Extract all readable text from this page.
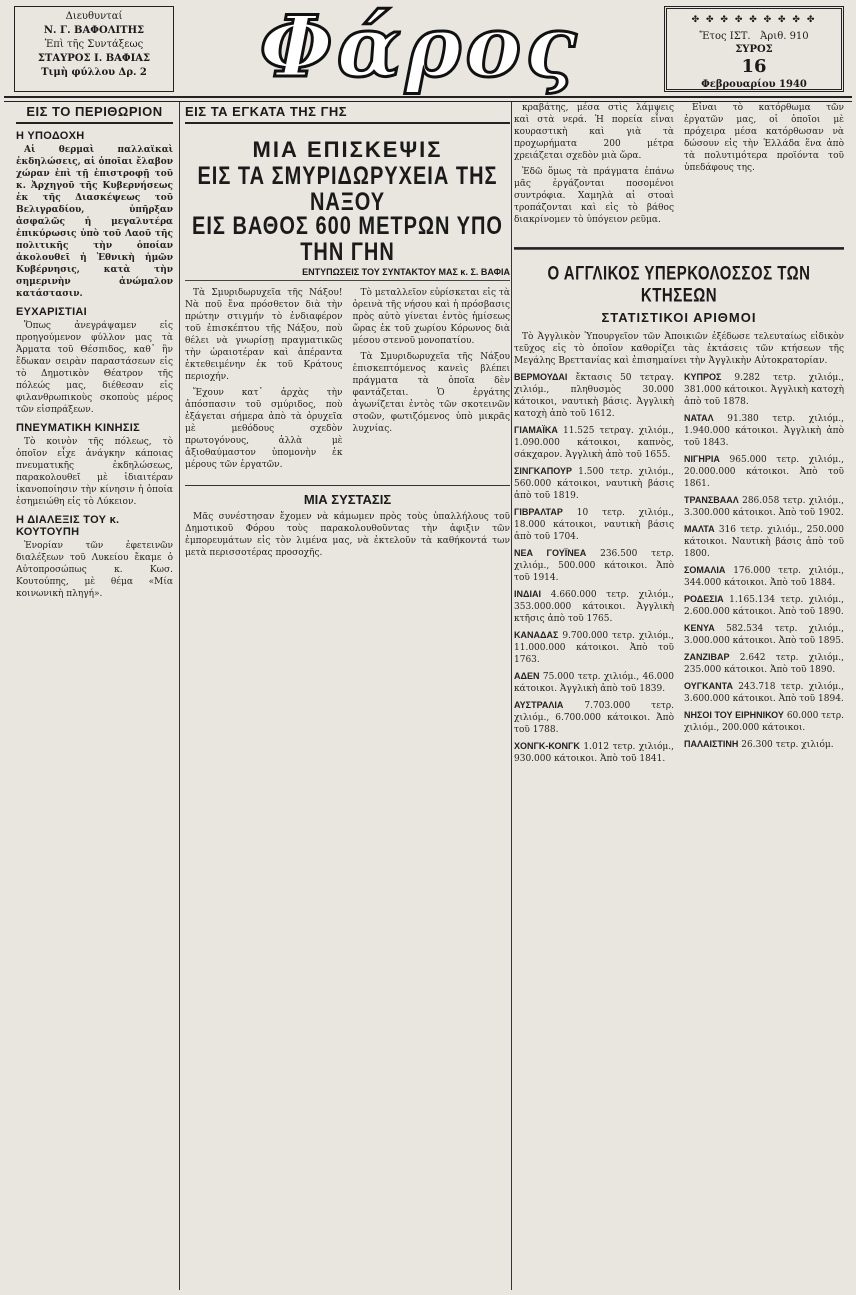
Διευθυνταί
Ν. Γ. ΒΑΦΟΛΙΤΗΣ
Ἐπὶ τῆς Συντάξεως
ΣΤΑΥΡΟΣ Ι. ΒΑΦΙΑΣ
Τιμὴ φύλλου Δρ. 2	Φάρος	✤ ✤ ✤ ✤ ✤ ✤ ✤ ✤ ✤
Ἔτος ΙΣΤ. Ἀριθ. 910
ΣΥΡΟΣ
16
Φεβρουαρίου 1940
ΕΙΣ ΤΟ ΠΕΡΙΘΩΡΙΟΝ
Η ΥΠΟΔΟΧΗ

Αἱ θερμαὶ παλλαϊκαὶ ἐκδηλώσεις, αἱ ὁποῖαι ἔλαβον χώραν ἐπὶ τῇ ἐπιστροφῇ τοῦ κ. Ἀρχηγοῦ τῆς Κυβερνήσεως ἐκ τῆς Διασκέψεως τοῦ Βελιγραδίου, ὑπῆρξαν ἀσφαλῶς ἡ μεγαλυτέρα ἐπικύρωσις ὑπὸ τοῦ Λαοῦ τῆς πολιτικῆς τὴν ὁποίαν ἀκολουθεῖ ἡ Ἐθνικὴ ἡμῶν Κυβέρνησις, κατὰ τὴν σημερινὴν ἀνώμαλον κατάστασιν.

ΕΥΧΑΡΙΣΤΙΑΙ

Ὅπως ἀνεγράψαμεν εἰς προηγούμενον φύλλον μας τὰ Ἀρματα τοῦ Θέσπιδος, καθ᾽ ἣν ἔδωκαν σειρὰν παραστάσεων εἰς τὸ Δημοτικὸν Θέατρον τῆς πόλεώς μας, διέθεσαν εἰς φιλανθρωπικοὺς σκοποὺς μέρος τῶν εἰσπράξεων.

ΠΝΕΥΜΑΤΙΚΗ ΚΙΝΗΣΙΣ

Τὸ κοινὸν τῆς πόλεως, τὸ ὁποῖον εἶχε ἀνάγκην κάποιας πνευματικῆς ἐκδηλώσεως, παρακολουθεῖ μὲ ἰδιαιτέραν ἱκανοποίησιν τὴν κίνησιν ἡ ὁποία ἐσημειώθη εἰς τὸ Λύκειον.

Η ΔΙΑΛΕΞΙΣ ΤΟΥ κ. ΚΟΥΤΟΥΠΗ

Ἐνορίαν τῶν ἐφετεινῶν διαλέξεων τοῦ Λυκείου ἔκαμε ὁ Αὐτοπροσώπως κ. Κωσ. Κουτούπης, μὲ θέμα «Μία κοινωνικὴ πληγή».

ΕΙΣ ΤΑ ΕΓΚΑΤΑ ΤΗΣ ΓΗΣ
ΜΙΑ ΕΠΙΣΚΕΨΙΣ
ΕΙΣ ΤΑ ΣΜΥΡΙΔΩΡΥΧΕΙΑ ΤΗΣ ΝΑΞΟΥ
ΕΙΣ ΒΑΘΟΣ 600 ΜΕΤΡΩΝ ΥΠΟ ΤΗΝ ΓΗΝ
ΕΝΤΥΠΩΣΕΙΣ ΤΟΥ ΣΥΝΤΑΚΤΟΥ ΜΑΣ κ. Σ. ΒΑΦΙΑ

Τὰ Σμυριδωρυχεῖα τῆς Νάξου! Νὰ ποῦ ἔνα πρόσθετον διὰ τὴν πρώτην στιγμήν τὸ ἐνδιαφέρον τοῦ ἐπισκέπτου τῆς Νάξου, ποὺ θέλει νὰ γνωρίσῃ πραγματικῶς τὴν ὡραιοτέραν καὶ ἀπέραντα ἐκτεθειμένην ἐκ τοῦ Κράτους περιοχήν.

Ἔχουν κατ᾽ ἀρχὰς τὴν ἀπόσπασιν τοῦ σμύριδος, ποὺ ἐξάγεται σήμερα ἀπὸ τὰ ὀρυχεῖα μὲ μεθόδους σχεδὸν πρωτογόνους, ἀλλὰ μὲ ἀξιοθαύμαστον ὑπομονὴν ἐκ μέρους τῶν ἐργατῶν.

Τὸ μεταλλεῖον εὑρίσκεται εἰς τὰ ὀρεινὰ τῆς νήσου καὶ ἡ πρόσβασις πρὸς αὐτὸ γίνεται ἐντὸς ἡμίσεως ὥρας ἐκ τοῦ χωρίου Κόρωνος διὰ μέσου στενοῦ μονοπατίου.

Τὰ Σμυριδωρυχεῖα τῆς Νάξου ἐπισκεπτόμενος κανεὶς βλέπει πράγματα τὰ ὁποῖα δὲν φαντάζεται. Ὁ ἐργάτης ἀγωνίζεται ἐντὸς τῶν σκοτεινῶν στοῶν, φωτιζόμενος ὑπὸ μικρᾶς λυχνίας.

ΜΙΑ ΣΥΣΤΑΣΙΣ

Μᾶς συνέστησαν ἔχομεν νὰ κάμωμεν πρὸς τοὺς ὑπαλλήλους τοῦ Δημοτικοῦ Φόρου τοὺς παρακολουθοῦντας τὴν ἀφιξιν τῶν ἐμπορευμάτων εἰς τὸν λιμένα μας, νὰ ἐκτελοῦν τὰ καθήκοντά των μετὰ περισσοτέρας προσοχῆς.

κραβάτης, μέσα στὶς λάμψεις καὶ στὰ νερά. Ἡ πορεία εἶναι κουραστικὴ καὶ γιὰ τὰ προχωρήματα 200 μέτρα χρειάζεται σχεδὸν μιὰ ὥρα.

Ἐδῶ ὅμως τὰ πράγματα ἐπάνω μᾶς ἐργάζονται ποσομένοι συντρόφια. Χαμηλὰ αἱ στοαὶ τροπάζονται καὶ εἰς τὸ βάθος διακρίνομεν τὸ ὑπόγειον ρεῦμα.

Εἶναι τὸ κατόρθωμα τῶν ἐργατῶν μας, οἱ ὁποῖοι μὲ πρόχειρα μέσα κατόρθωσαν νὰ δώσουν εἰς τὴν Ἑλλάδα ἕνα ἀπὸ τὰ πολυτιμότερα προϊόντα τοῦ ὑπεδάφους της.

Ο ΑΓΓΛΙΚΟΣ ΥΠΕΡΚΟΛΟΣΣΟΣ ΤΩΝ ΚΤΗΣΕΩΝ
ΣΤΑΤΙΣΤΙΚΟΙ ΑΡΙΘΜΟΙ

Τὸ Ἀγγλικὸν Ὑπουργεῖον τῶν Ἀποικιῶν ἐξέδωσε τελευταίως εἰδικὸν τεῦχος εἰς τὸ ὁποῖον καθορίζει τὰς ἐκτάσεις τῶν κτήσεων τῆς Μεγάλης Βρεττανίας καὶ ἐπισημαίνει τὴν Ἀγγλικὴν Αὐτοκρατορίαν.

ΒΕΡΜΟΥΔΑΙ ἔκτασις 50 τετραγ. χιλιόμ., πληθυσμὸς 30.000 κάτοικοι, ναυτικὴ βάσις. Ἀγγλικὴ κατοχὴ ἀπὸ τοῦ 1612.

ΓΙΑΜΑΪΚΑ 11.525 τετραγ. χιλιόμ., 1.090.000 κάτοικοι, καπνὸς, σάκχαρον. Ἀγγλικὴ ἀπὸ τοῦ 1655.

ΣΙΝΓΚΑΠΟΥΡ 1.500 τετρ. χιλιόμ., 560.000 κάτοικοι, ναυτικὴ βάσις ἀπὸ τοῦ 1819.

ΓΙΒΡΑΛΤΑΡ 10 τετρ. χιλιόμ., 18.000 κάτοικοι, ναυτικὴ βάσις ἀπὸ τοῦ 1704.

ΝΕΑ ΓΟΥΪΝΕΑ 236.500 τετρ. χιλιόμ., 500.000 κάτοικοι. Ἀπὸ τοῦ 1914.

ΙΝΔΙΑΙ 4.660.000 τετρ. χιλιόμ., 353.000.000 κάτοικοι. Ἀγγλικὴ κτῆσις ἀπὸ τοῦ 1765.

ΚΑΝΑΔΑΣ 9.700.000 τετρ. χιλιόμ., 11.000.000 κάτοικοι. Ἀπὸ τοῦ 1763.

ΑΔΕΝ 75.000 τετρ. χιλιόμ., 46.000 κάτοικοι. Ἀγγλικὴ ἀπὸ τοῦ 1839.

ΑΥΣΤΡΑΛΙΑ 7.703.000 τετρ. χιλιόμ., 6.700.000 κάτοικοι. Ἀπὸ τοῦ 1788.

ΧΟΝΓΚ-ΚΟΝΓΚ 1.012 τετρ. χιλιόμ., 930.000 κάτοικοι. Ἀπὸ τοῦ 1841.

ΚΥΠΡΟΣ 9.282 τετρ. χιλιόμ., 381.000 κάτοικοι. Ἀγγλικὴ κατοχὴ ἀπὸ τοῦ 1878.

ΝΑΤΑΛ 91.380 τετρ. χιλιόμ., 1.940.000 κάτοικοι. Ἀγγλικὴ ἀπὸ τοῦ 1843.

ΝΙΓΗΡΙΑ 965.000 τετρ. χιλιόμ., 20.000.000 κάτοικοι. Ἀπὸ τοῦ 1861.

ΤΡΑΝΣΒΑΑΛ 286.058 τετρ. χιλιόμ., 3.300.000 κάτοικοι. Ἀπὸ τοῦ 1902.

ΜΑΛΤΑ 316 τετρ. χιλιόμ., 250.000 κάτοικοι. Ναυτικὴ βάσις ἀπὸ τοῦ 1800.

ΣΟΜΑΛΙΑ 176.000 τετρ. χιλιόμ., 344.000 κάτοικοι. Ἀπὸ τοῦ 1884.

ΡΟΔΕΣΙΑ 1.165.134 τετρ. χιλιόμ., 2.600.000 κάτοικοι. Ἀπὸ τοῦ 1890.

ΚΕΝΥΑ 582.534 τετρ. χιλιόμ., 3.000.000 κάτοικοι. Ἀπὸ τοῦ 1895.

ΖΑΝΖΙΒΑΡ 2.642 τετρ. χιλιόμ., 235.000 κάτοικοι. Ἀπὸ τοῦ 1890.

ΟΥΓΚΑΝΤΑ 243.718 τετρ. χιλιόμ., 3.600.000 κάτοικοι. Ἀπὸ τοῦ 1894.

ΝΗΣΟΙ ΤΟΥ ΕΙΡΗΝΙΚΟΥ 60.000 τετρ. χιλιόμ., 200.000 κάτοικοι.

ΠΑΛΑΙΣΤΙΝΗ 26.300 τετρ. χιλιόμ.
